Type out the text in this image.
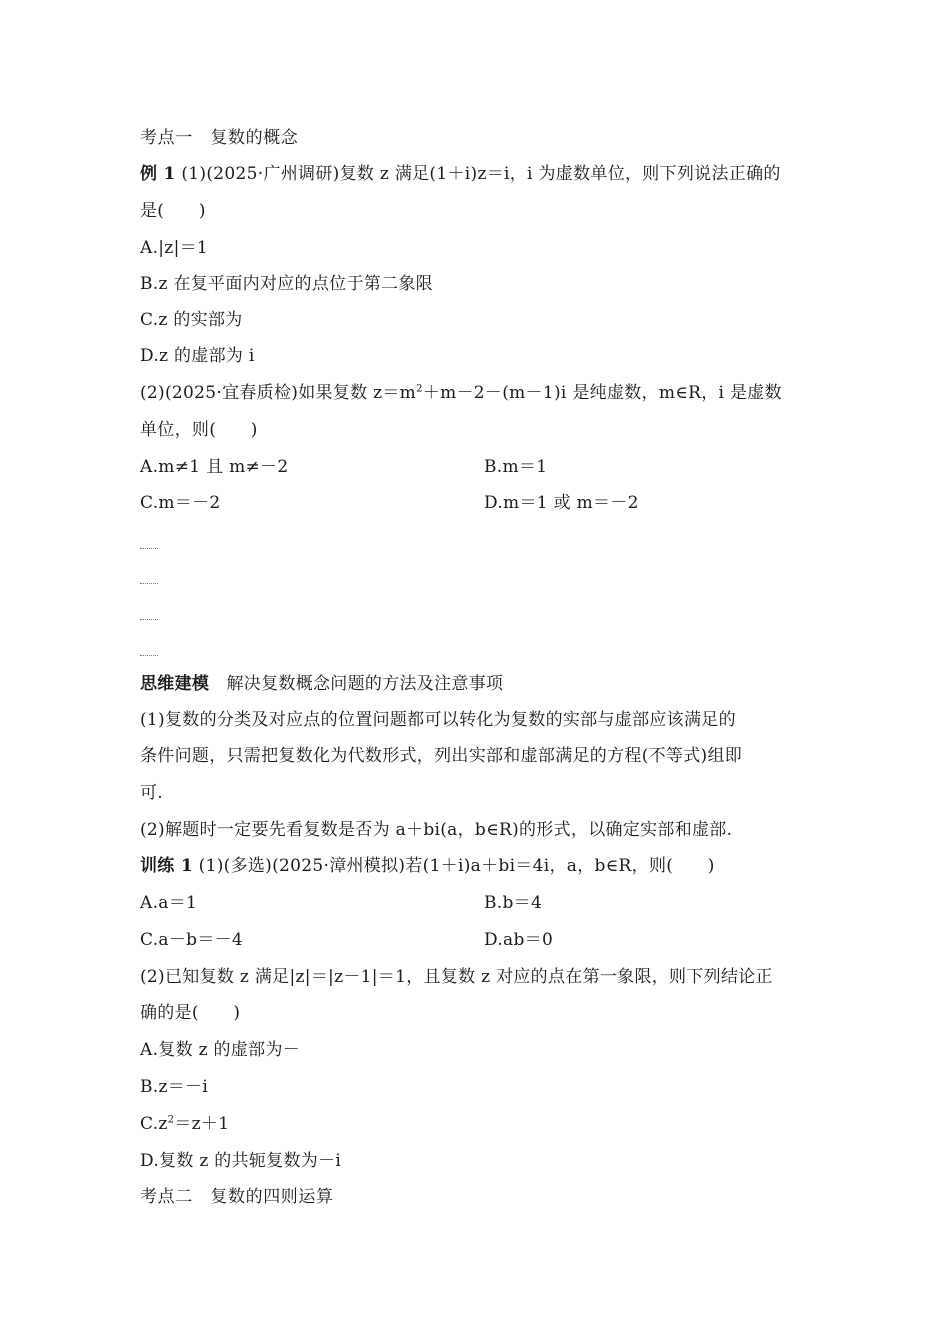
考点一　复数的概念
例 1 (1)(2025·广州调研)复数 z 满足(1＋i)z＝i，i 为虚数单位，则下列说法正确的
是(　　)
A.|z|＝1
B.z 在复平面内对应的点位于第二象限
C.z 的实部为
D.z 的虚部为 i
(2)(2025·宜春质检)如果复数 $z=m^2+m-2-(m-1)i$ 是纯虚数，m∈R，i 是虚数
单位，则(　　)
A.m≠1 且 m≠－2	B.m＝1
C.m＝－2	D.m＝1 或 m＝－2
思维建模　解决复数概念问题的方法及注意事项
(1)复数的分类及对应点的位置问题都可以转化为复数的实部与虚部应该满足的
条件问题，只需把复数化为代数形式，列出实部和虚部满足的方程(不等式)组即
可.
(2)解题时一定要先看复数是否为 a＋bi(a，b∈R)的形式，以确定实部和虚部.
训练 1 (1)(多选)(2025·漳州模拟)若(1＋i)a＋bi＝4i，a，b∈R，则(　　)
A.a＝1	B.b＝4
C.a－b＝－4	D.ab＝0
(2)已知复数 z 满足|z|＝|z－1|＝1，且复数 z 对应的点在第一象限，则下列结论正
确的是(　　)
A.复数 z 的虚部为－
B.z＝－i
$C.z^2=z+1$
D.复数 z 的共轭复数为－i
考点二　复数的四则运算
